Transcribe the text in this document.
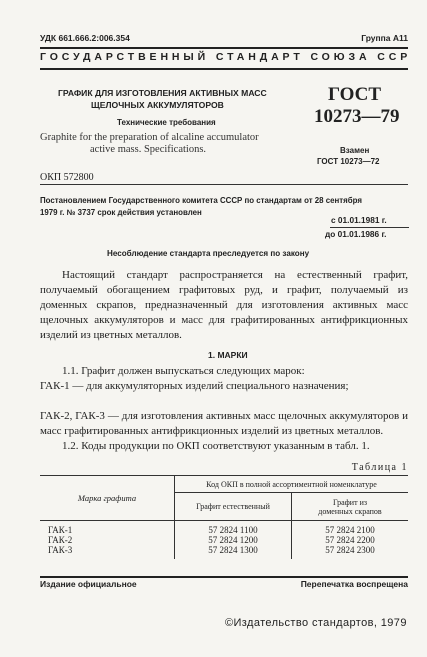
УДК 661.666.2:006.354	Группа А11
ГОСУДАРСТВЕННЫЙ СТАНДАРТ СОЮЗА ССР
ГРАФИК ДЛЯ ИЗГОТОВЛЕНИЯ АКТИВНЫХ МАСС
ЩЕЛОЧНЫХ АККУМУЛЯТОРОВ
Технические требования
Graphite for the preparation of alcaline accumulator
active mass. Specifications.
ГОСТ
10273—79
Взамен
ГОСТ 10273—72
ОКП 572800
Постановлением Государственного комитета СССР по стандартам от 28 сентября
1979 г. № 3737 срок действия установлен
с 01.01.1981 г.
до 01.01.1986 г.
Несоблюдение стандарта преследуется по закону
Настоящий стандарт распространяется на естественный графит, получаемый обогащением графитовых руд, и графит, получаемый из доменных скрапов, предназначенный для изготовления активных масс щелочных аккумуляторов и масс для графитированных антифрикционных изделий из цветных металлов.
1. МАРКИ
1.1. Графит должен выпускаться следующих марок:
ГАК-1 — для аккумуляторных изделий специального назначения;
ГАК-2, ГАК-3 — для изготовления активных масс щелочных аккумуляторов и масс графитированных антифрикционных изделий из цветных металлов.
1.2. Коды продукции по ОКП соответствуют указанным в табл. 1.
Таблица 1
Марка графита	Код ОКП в полной ассортиментной номенклатуре	
	Графит естественный	Графит из доменных скрапов

ГАК-1	57 2824 1100	57 2824 2100
ГАК-2	57 2824 1200	57 2824 2200
ГАК-3	57 2824 1300	57 2824 2300

Издание официальное	Перепечатка воспрещена
©Издательство стандартов, 1979
